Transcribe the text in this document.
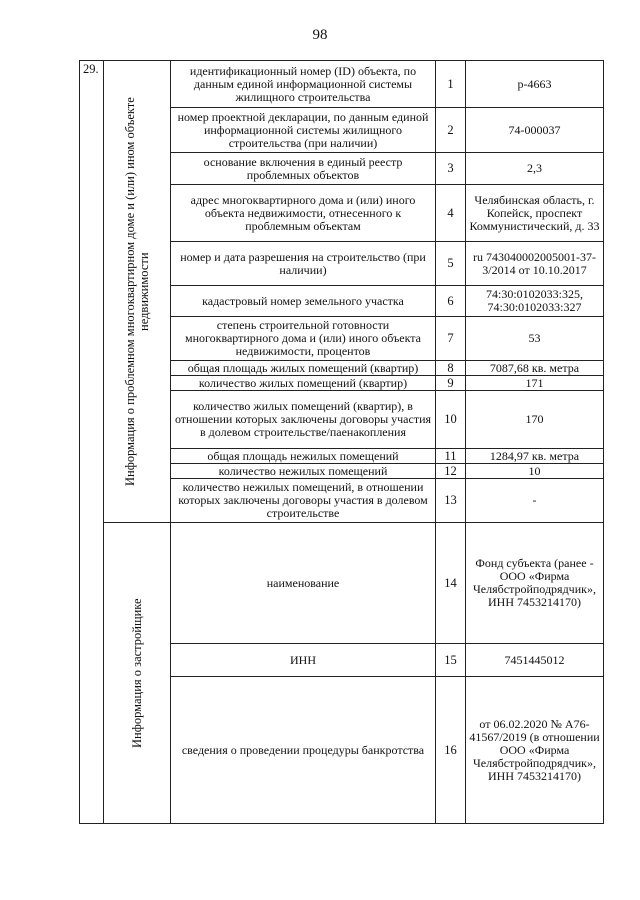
98
29.	Информация о проблемном многоквартирном доме и (или) ином объекте недвижимости	идентификационный номер (ID) объекта, по данным единой информационной системы жилищного строительства	1	р-4663
		номер проектной декларации, по данным единой информационной системы жилищного строительства (при наличии)	2	74-000037
		основание включения в единый реестр проблемных объектов	3	2,3
		адрес многоквартирного дома и (или) иного объекта недвижимости, отнесенного к проблемным объектам	4	Челябинская область, г. Копейск, проспект Коммунистический, д. 33
		номер и дата разрешения на строительство (при наличии)	5	ru 743040002005001-37-3/2014 от 10.10.2017
		кадастровый номер земельного участка	6	74:30:0102033:325, 74:30:0102033:327
		степень строительной готовности многоквартирного дома и (или) иного объекта недвижимости, процентов	7	53
		общая площадь жилых помещений (квартир)	8	7087,68 кв. метра
		количество жилых помещений (квартир)	9	171
		количество жилых помещений (квартир), в отношении которых заключены договоры участия в долевом строительстве/паенакопления	10	170
		общая площадь нежилых помещений	11	1284,97 кв. метра
		количество нежилых помещений	12	10
		количество нежилых помещений, в отношении которых заключены договоры участия в долевом строительстве	13	-

	Информация о застройщике	наименование	14	Фонд субъекта (ранее - ООО «Фирма Челябстройподрядчик», ИНН 7453214170)
		ИНН	15	7451445012
		сведения о проведении процедуры банкротства	16	от 06.02.2020 № А76-41567/2019 (в отношении ООО «Фирма Челябстройподрядчик», ИНН 7453214170)
